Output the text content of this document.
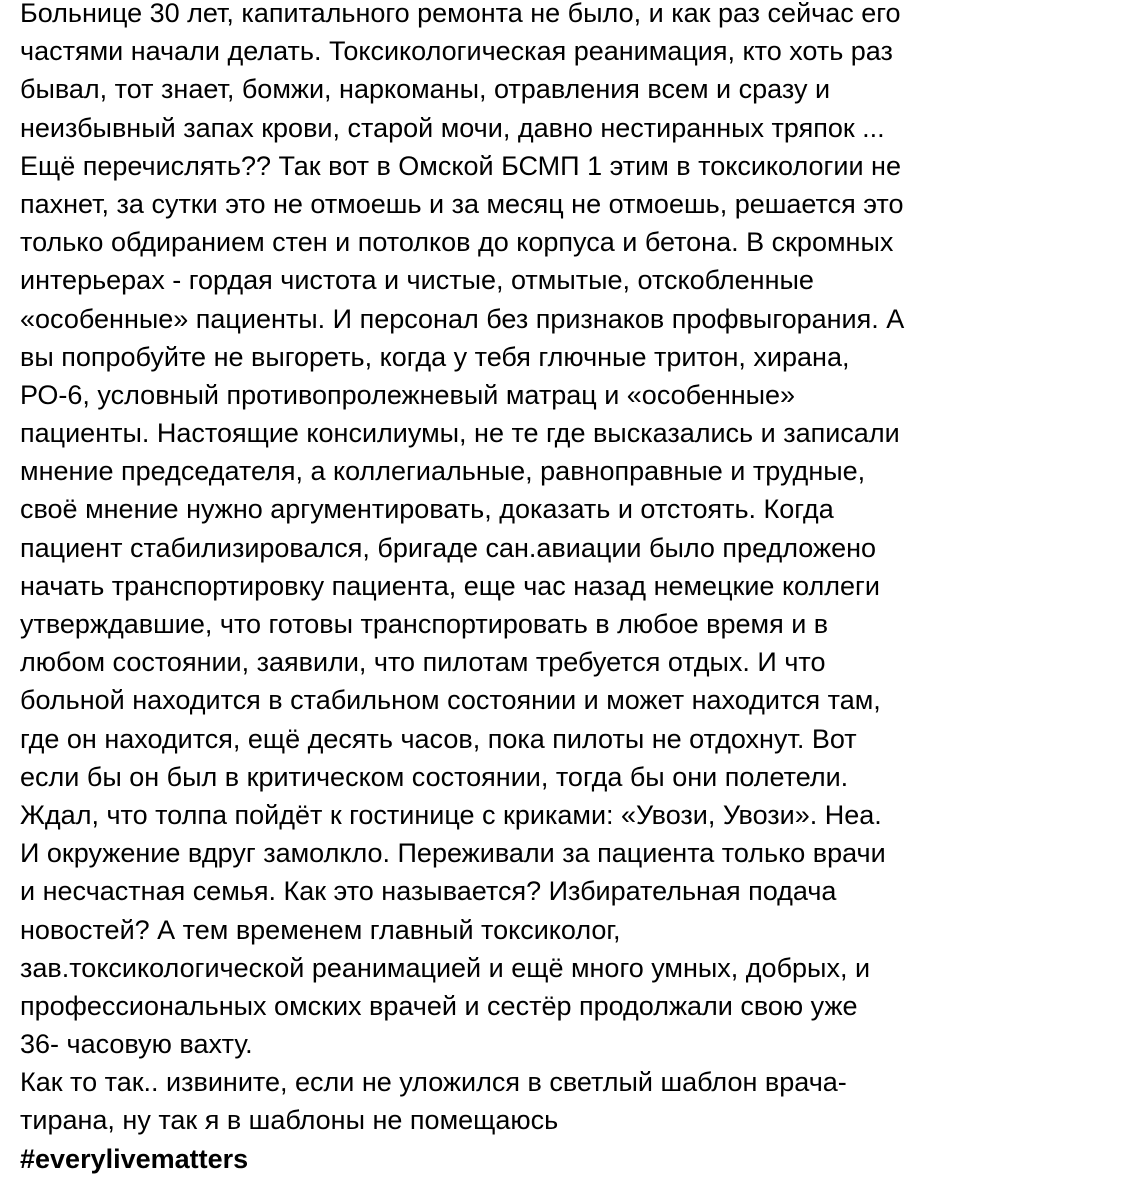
Больнице 30 лет, капитального ремонта не было, и как раз сейчас его
частями начали делать. Токсикологическая реанимация, кто хоть раз
бывал, тот знает, бомжи, наркоманы, отравления всем и сразу и
неизбывный запах крови, старой мочи, давно нестиранных тряпок ...
Ещё перечислять?? Так вот в Омской БСМП 1 этим в токсикологии не
пахнет, за сутки это не отмоешь и за месяц не отмоешь, решается это
только обдиранием стен и потолков до корпуса и бетона. В скромных
интерьерах - гордая чистота и чистые, отмытые, отскобленные
«особенные» пациенты. И персонал без признаков профвыгорания. А
вы попробуйте не выгореть, когда у тебя глючные тритон, хирана,
РО-6, условный противопролежневый матрац и «особенные»
пациенты. Настоящие консилиумы, не те где высказались и записали
мнение председателя, а коллегиальные, равноправные и трудные,
своё мнение нужно аргументировать, доказать и отстоять. Когда
пациент стабилизировался, бригаде сан.авиации было предложено
начать транспортировку пациента, еще час назад немецкие коллеги
утверждавшие, что готовы транспортировать в любое время и в
любом состоянии, заявили, что пилотам требуется отдых. И что
больной находится в стабильном состоянии и может находится там,
где он находится, ещё десять часов, пока пилоты не отдохнут. Вот
если бы он был в критическом состоянии, тогда бы они полетели.
Ждал, что толпа пойдёт к гостинице с криками: «Увози, Увози». Неа.
И окружение вдруг замолкло. Переживали за пациента только врачи
и несчастная семья. Как это называется? Избирательная подача
новостей? А тем временем главный токсиколог,
зав.токсикологической реанимацией и ещё много умных, добрых, и
профессиональных омских врачей и сестёр продолжали свою уже
36- часовую вахту.
Как то так.. извините, если не уложился в светлый шаблон врача-
тирана, ну так я в шаблоны не помещаюсь
#everylivematters
